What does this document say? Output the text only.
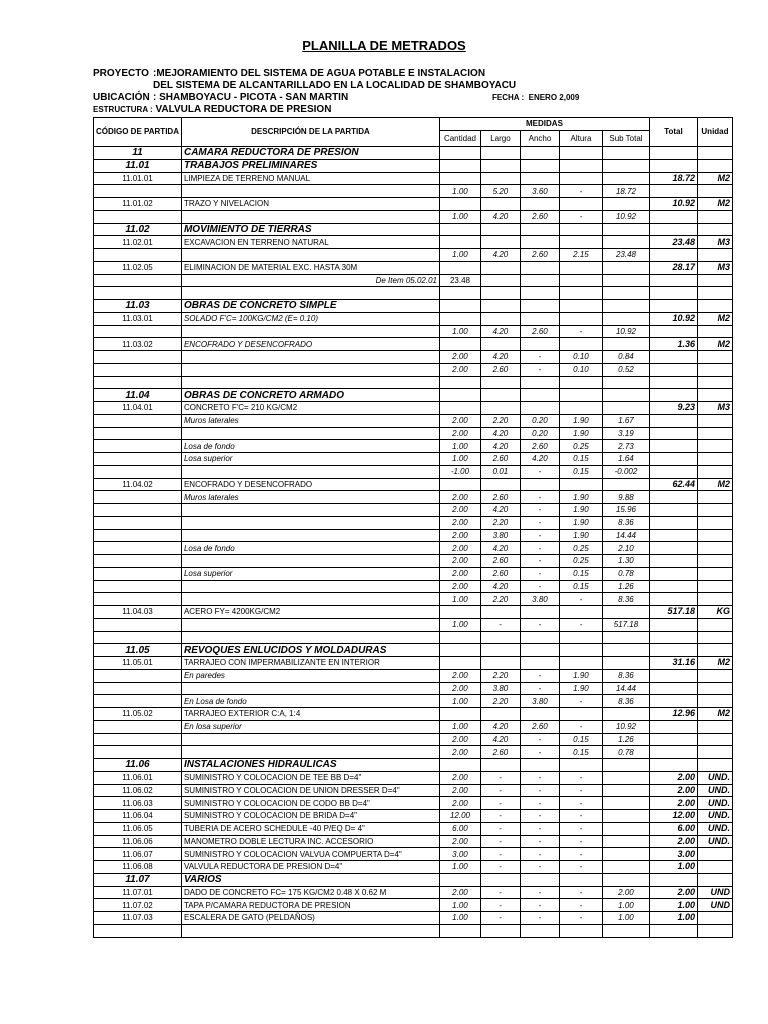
PLANILLA DE METRADOS
PROYECTO :MEJORAMIENTO DEL SISTEMA DE AGUA POTABLE E INSTALACION
DEL SISTEMA DE ALCANTARILLADO EN LA LOCALIDAD DE SHAMBOYACU
UBICACIÓN : SHAMBOYACU - PICOTA - SAN MARTIN	FECHA : ENERO 2,009
ESTRUCTURA : VALVULA REDUCTORA DE PRESION
CÓDIGO DE PARTIDA	DESCRIPCIÓN DE LA PARTIDA	MEDIDAS					Total	Unidad
		Cantidad	Largo	Ancho	Altura	Sub Total		
11	CAMARA REDUCTORA DE PRESION							
11.01	TRABAJOS PRELIMINARES							
11.01.01	LIMPIEZA DE TERRENO MANUAL						18.72	M2
		1.00	5.20	3.60	-	18.72		
11.01.02	TRAZO Y NIVELACION						10.92	M2
		1.00	4.20	2.60	-	10.92		
11.02	MOVIMIENTO DE TIERRAS							
11.02.01	EXCAVACION EN TERRENO NATURAL						23.48	M3
		1.00	4.20	2.60	2.15	23.48		
11.02.05	ELIMINACION DE MATERIAL EXC. HASTA 30M						28.17	M3
	De Item 05.02.01	23.48						

11.03	OBRAS DE CONCRETO SIMPLE							
11.03.01	SOLADO F'C= 100KG/CM2 (E= 0.10)						10.92	M2
		1.00	4.20	2.60	-	10.92		
11.03.02	ENCOFRADO Y DESENCOFRADO						1.36	M2
		2.00	4.20	-	0.10	0.84		
		2.00	2.60	-	0.10	0.52		

11.04	OBRAS DE CONCRETO ARMADO							
11.04.01	CONCRETO F'C= 210 KG/CM2						9.23	M3
	Muros laterales	2.00	2.20	0.20	1.90	1.67		
		2.00	4.20	0.20	1.90	3.19		
	Losa de fondo	1.00	4.20	2.60	0.25	2.73		
	Losa superior	1.00	2.60	4.20	0.15	1.64		
		-1.00	0.01	-	0.15	-0.002		
11.04.02	ENCOFRADO Y DESENCOFRADO						62.44	M2
	Muros laterales	2.00	2.60	-	1.90	9.88		
		2.00	4.20	-	1.90	15.96		
		2.00	2.20	-	1.90	8.36		
		2.00	3.80	-	1.90	14.44		
	Losa de fondo	2.00	4.20	-	0.25	2.10		
		2.00	2.60	-	0.25	1.30		
	Losa superior	2.00	2.60	-	0.15	0.78		
		2.00	4.20	-	0.15	1.26		
		1.00	2.20	3.80	-	8.36		
11.04.03	ACERO FY= 4200KG/CM2						517.18	KG
		1.00	-	-	-	517.18		

11.05	REVOQUES ENLUCIDOS Y MOLDADURAS							
11.05.01	TARRAJEO CON IMPERMABILIZANTE EN INTERIOR						31.16	M2
	En paredes	2.00	2.20	-	1.90	8.36		
		2.00	3.80	-	1.90	14.44		
	En Losa de fondo	1.00	2.20	3.80	-	8.36		
11.05.02	TARRAJEO EXTERIOR C:A, 1:4						12.96	M2
	En losa superior	1.00	4.20	2.60	-	10.92		
		2.00	4.20	-	0.15	1.26		
		2.00	2.60	-	0.15	0.78		
11.06	INSTALACIONES HIDRAULICAS							
11.06.01	SUMINISTRO Y COLOCACION DE TEE BB D=4"	2.00	-	-	-		2.00	UND.
11.06.02	SUMINISTRO Y COLOCACION DE UNION DRESSER D=4"	2.00	-	-	-		2.00	UND.
11.06.03	SUMINISTRO Y COLOCACION DE CODO BB D=4"	2.00	-	-	-		2.00	UND.
11.06.04	SUMINISTRO Y COLOCACION DE BRIDA D=4"	12.00	-	-	-		12.00	UND.
11.06.05	TUBERIA DE ACERO SCHEDULE -40 P/EQ D= 4"	6.00	-	-	-		6.00	UND.
11.06.06	MANOMETRO DOBLE LECTURA INC. ACCESORIO	2.00	-	-	-		2.00	UND.
11.06.07	SUMINISTRO Y COLOCACION VALVUA COMPUERTA D=4"	3.00	-	-	-		3.00	
11.06.08	VALVULA REDUCTORA DE PRESION D=4"	1.00	-	-	-		1.00	
11.07	VARIOS							
11.07.01	DADO DE CONCRETO FC= 175 KG/CM2 0.48 X 0.62 M	2.00	-	-	-	2.00	2.00	UND
11.07.02	TAPA P/CAMARA REDUCTORA DE PRESION	1.00	-	-	-	1.00	1.00	UND
11.07.03	ESCALERA DE GATO (PELDAÑOS)	1.00	-	-	-	1.00	1.00	
